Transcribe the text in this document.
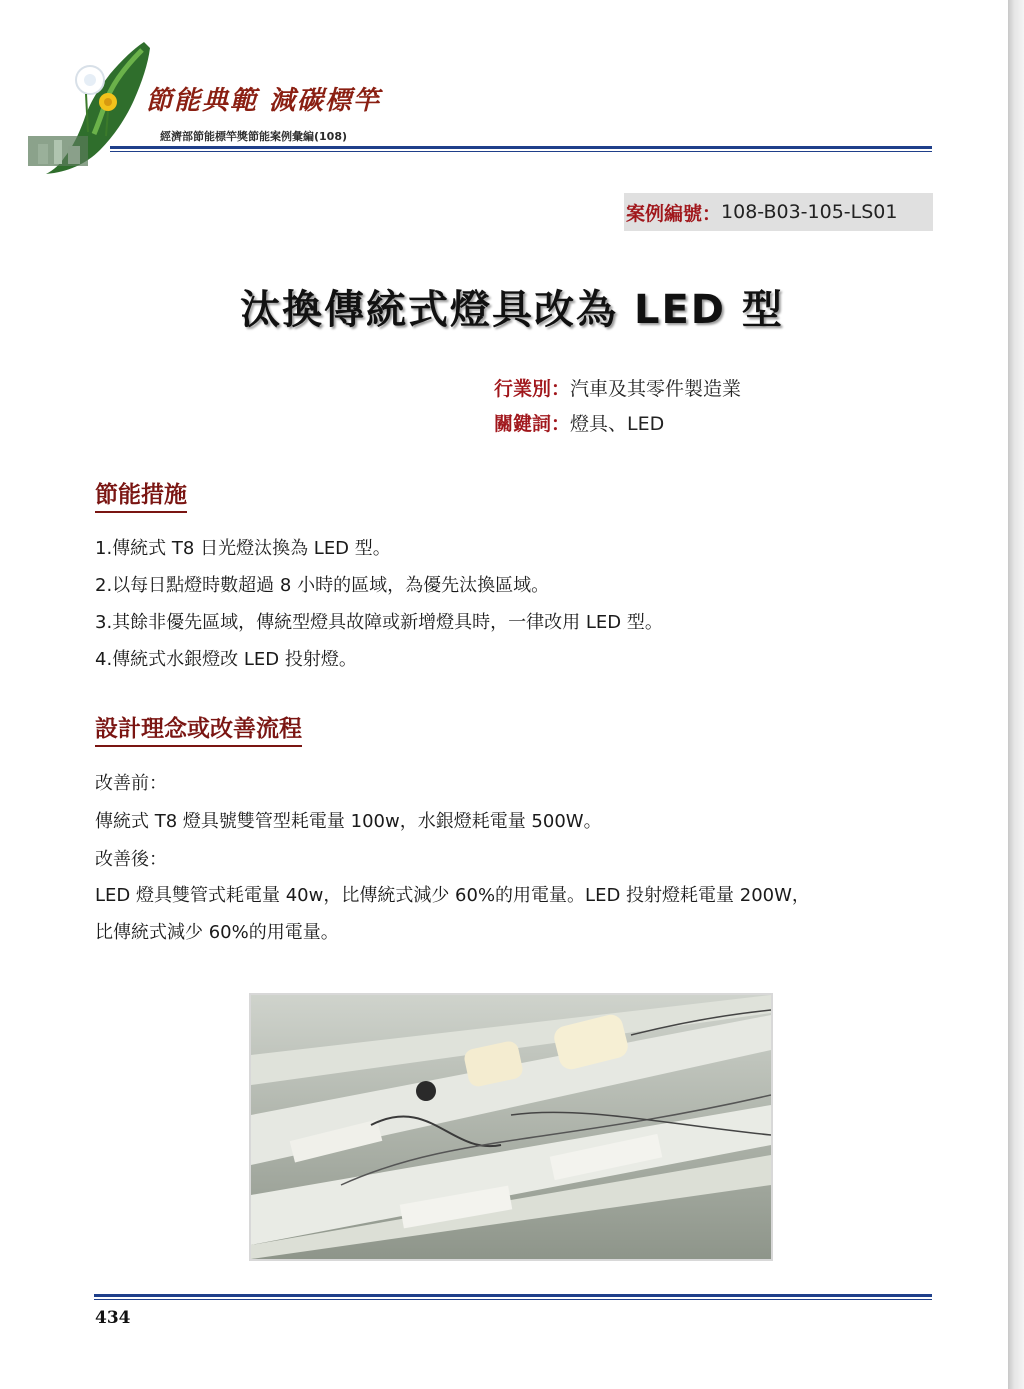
節能典範 減碳標竿
經濟部節能標竿獎節能案例彙編(108)
案例編號： 108-B03-105-LS01
汰換傳統式燈具改為 LED 型
行業別：汽車及其零件製造業
關鍵詞：燈具、LED
節能措施
1.傳統式 T8 日光燈汰換為 LED 型。
2.以每日點燈時數超過 8 小時的區域，為優先汰換區域。
3.其餘非優先區域，傳統型燈具故障或新增燈具時，一律改用 LED 型。
4.傳統式水銀燈改 LED 投射燈。
設計理念或改善流程
改善前：
傳統式 T8 燈具號雙管型耗電量 100w，水銀燈耗電量 500W。
改善後：
LED 燈具雙管式耗電量 40w，比傳統式減少 60%的用電量。LED 投射燈耗電量 200W，
比傳統式減少 60%的用電量。
434
